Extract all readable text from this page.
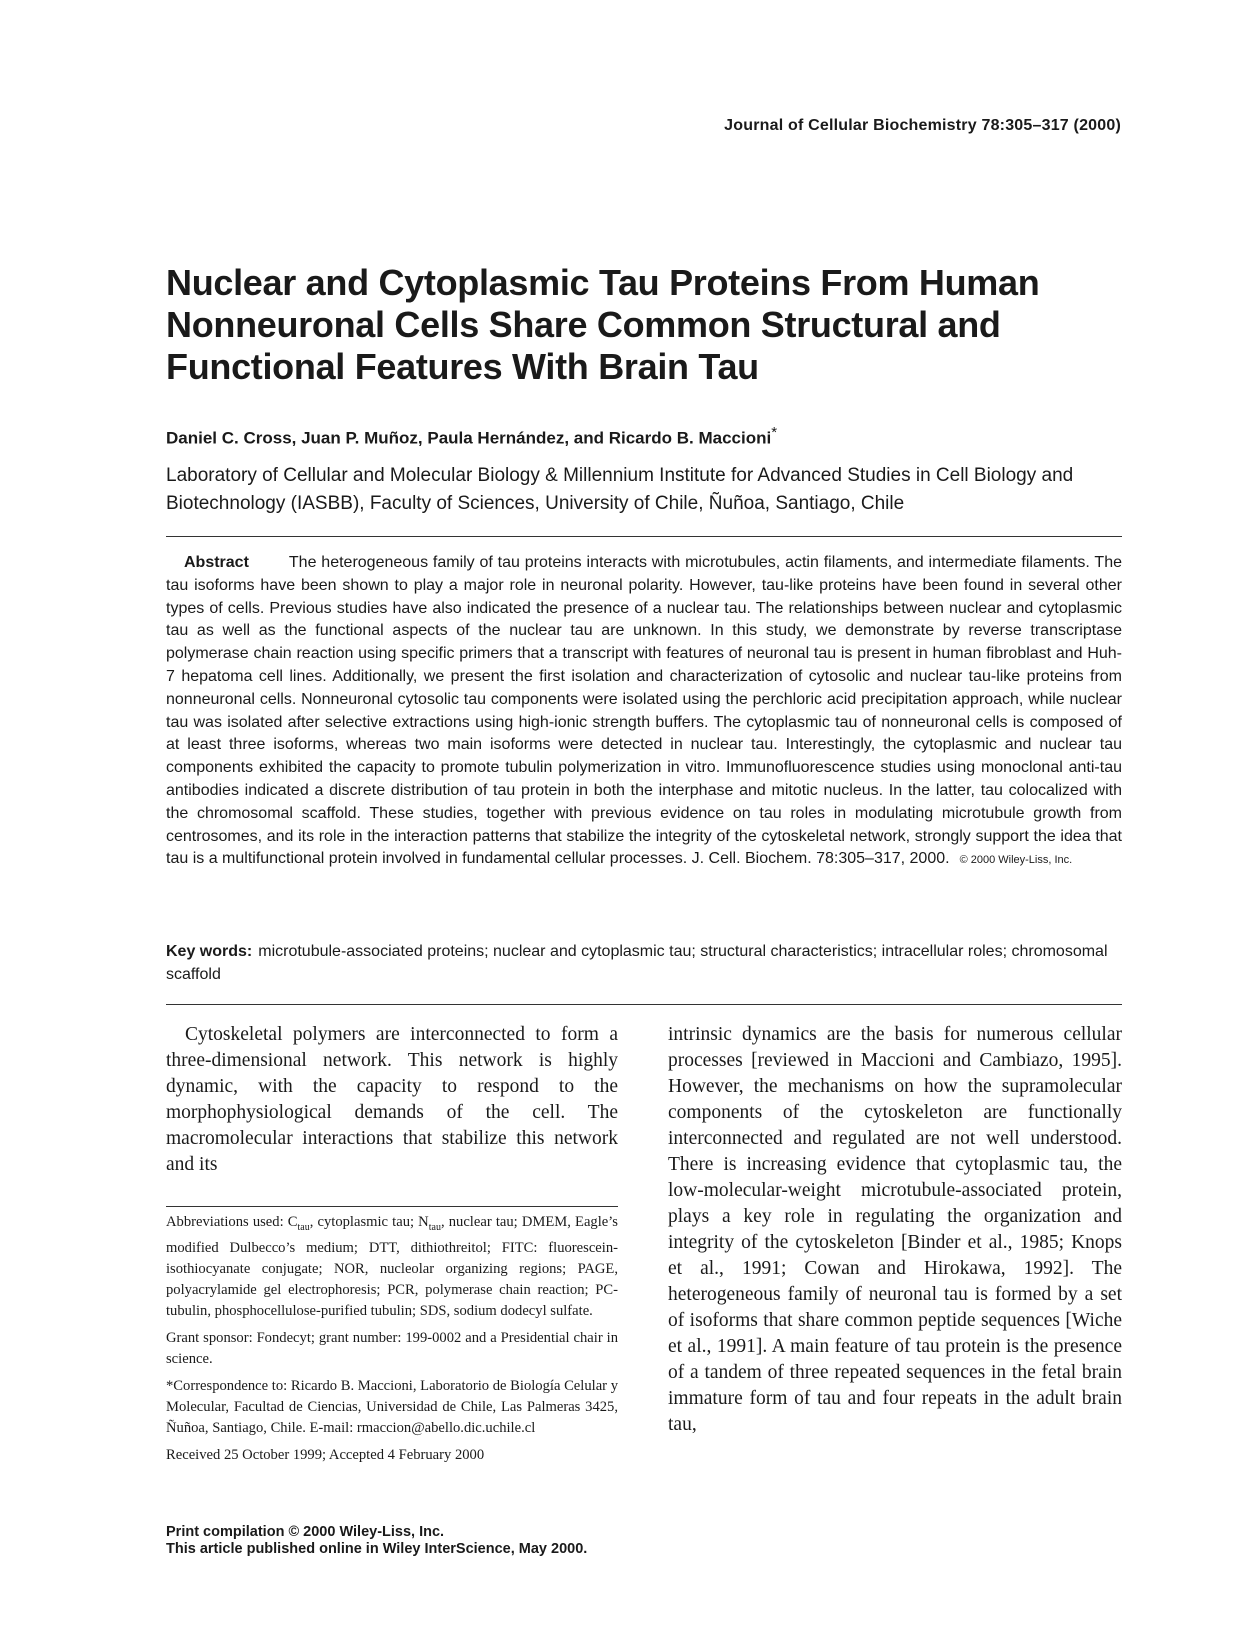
Journal of Cellular Biochemistry 78:305–317 (2000)
Nuclear and Cytoplasmic Tau Proteins From Human Nonneuronal Cells Share Common Structural and Functional Features With Brain Tau
Daniel C. Cross, Juan P. Muñoz, Paula Hernández, and Ricardo B. Maccioni*
Laboratory of Cellular and Molecular Biology & Millennium Institute for Advanced Studies in Cell Biology and Biotechnology (IASBB), Faculty of Sciences, University of Chile, Ñuñoa, Santiago, Chile
Abstract	The heterogeneous family of tau proteins interacts with microtubules, actin filaments, and intermediate filaments. The tau isoforms have been shown to play a major role in neuronal polarity. However, tau-like proteins have been found in several other types of cells. Previous studies have also indicated the presence of a nuclear tau. The relationships between nuclear and cytoplasmic tau as well as the functional aspects of the nuclear tau are unknown. In this study, we demonstrate by reverse transcriptase polymerase chain reaction using specific primers that a transcript with features of neuronal tau is present in human fibroblast and Huh-7 hepatoma cell lines. Additionally, we present the first isolation and characterization of cytosolic and nuclear tau-like proteins from nonneuronal cells. Nonneuronal cytosolic tau components were isolated using the perchloric acid precipitation approach, while nuclear tau was isolated after selective extractions using high-ionic strength buffers. The cytoplasmic tau of nonneuronal cells is composed of at least three isoforms, whereas two main isoforms were detected in nuclear tau. Interestingly, the cytoplasmic and nuclear tau components exhibited the capacity to promote tubulin polymerization in vitro. Immunofluorescence studies using monoclonal anti-tau antibodies indicated a discrete distribution of tau protein in both the interphase and mitotic nucleus. In the latter, tau colocalized with the chromosomal scaffold. These studies, together with previous evidence on tau roles in modulating microtubule growth from centrosomes, and its role in the interaction patterns that stabilize the integrity of the cytoskeletal network, strongly support the idea that tau is a multifunctional protein involved in fundamental cellular processes. J. Cell. Biochem. 78:305–317, 2000. © 2000 Wiley-Liss, Inc.
Key words: microtubule-associated proteins; nuclear and cytoplasmic tau; structural characteristics; intracellular roles; chromosomal scaffold
Cytoskeletal polymers are interconnected to form a three-dimensional network. This network is highly dynamic, with the capacity to respond to the morphophysiological demands of the cell. The macromolecular interactions that stabilize this network and its
intrinsic dynamics are the basis for numerous cellular processes [reviewed in Maccioni and Cambiazo, 1995]. However, the mechanisms on how the supramolecular components of the cytoskeleton are functionally interconnected and regulated are not well understood. There is increasing evidence that cytoplasmic tau, the low-molecular-weight microtubule-associated protein, plays a key role in regulating the organization and integrity of the cytoskeleton [Binder et al., 1985; Knops et al., 1991; Cowan and Hirokawa, 1992]. The heterogeneous family of neuronal tau is formed by a set of isoforms that share common peptide sequences [Wiche et al., 1991]. A main feature of tau protein is the presence of a tandem of three repeated sequences in the fetal brain immature form of tau and four repeats in the adult brain tau,

Abbreviations used: $C_{tau}$, cytoplasmic tau; $N_{tau}$, nuclear tau; DMEM, Eagle’s modified Dulbecco’s medium; DTT, dithiothreitol; FITC: fluorescein-isothiocyanate conjugate; NOR, nucleolar organizing regions; PAGE, polyacrylamide gel electrophoresis; PCR, polymerase chain reaction; PC-tubulin, phosphocellulose-purified tubulin; SDS, sodium dodecyl sulfate.

Grant sponsor: Fondecyt; grant number: 199-0002 and a Presidential chair in science.

*Correspondence to: Ricardo B. Maccioni, Laboratorio de Biología Celular y Molecular, Facultad de Ciencias, Universidad de Chile, Las Palmeras 3425, Ñuñoa, Santiago, Chile. E-mail: rmaccion@abello.dic.uchile.cl

Received 25 October 1999; Accepted 4 February 2000

Print compilation © 2000 Wiley-Liss, Inc.
This article published online in Wiley InterScience, May 2000.
